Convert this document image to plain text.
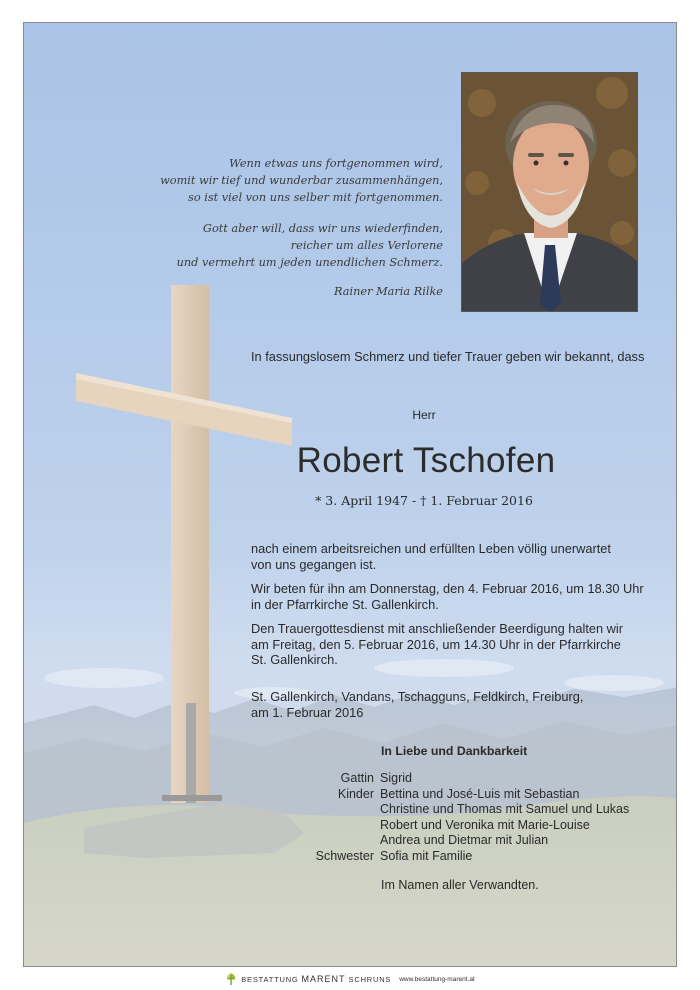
Wenn etwas uns fortgenommen wird,
womit wir tief und wunderbar zusammenhängen,
so ist viel von uns selber mit fortgenommen.
Gott aber will, dass wir uns wiederfinden,
reicher um alles Verlorene
und vermehrt um jeden unendlichen Schmerz.
Rainer Maria Rilke
In fassungslosem Schmerz und tiefer Trauer geben wir bekannt, dass
Herr
Robert Tschofen
* 3. April 1947 - † 1. Februar 2016
nach einem arbeitsreichen und erfüllten Leben völlig unerwartet
von uns gegangen ist.
Wir beten für ihn am Donnerstag, den 4. Februar 2016, um 18.30 Uhr
in der Pfarrkirche St. Gallenkirch.
Den Trauergottesdienst mit anschließender Beerdigung halten wir
am Freitag, den 5. Februar 2016, um 14.30 Uhr in der Pfarrkirche
St. Gallenkirch.
St. Gallenkirch, Vandans, Tschagguns, Feldkirch, Freiburg,
am 1. Februar 2016
In Liebe und Dankbarkeit
Gattin Sigrid
Kinder Bettina und José-Luis mit Sebastian
Christine und Thomas mit Samuel und Lukas
Robert und Veronika mit Marie-Louise
Andrea und Dietmar mit Julian
Schwester Sofia mit Familie
Im Namen aller Verwandten.
BESTATTUNG MARENT SCHRUNS www.bestattung-marent.at
